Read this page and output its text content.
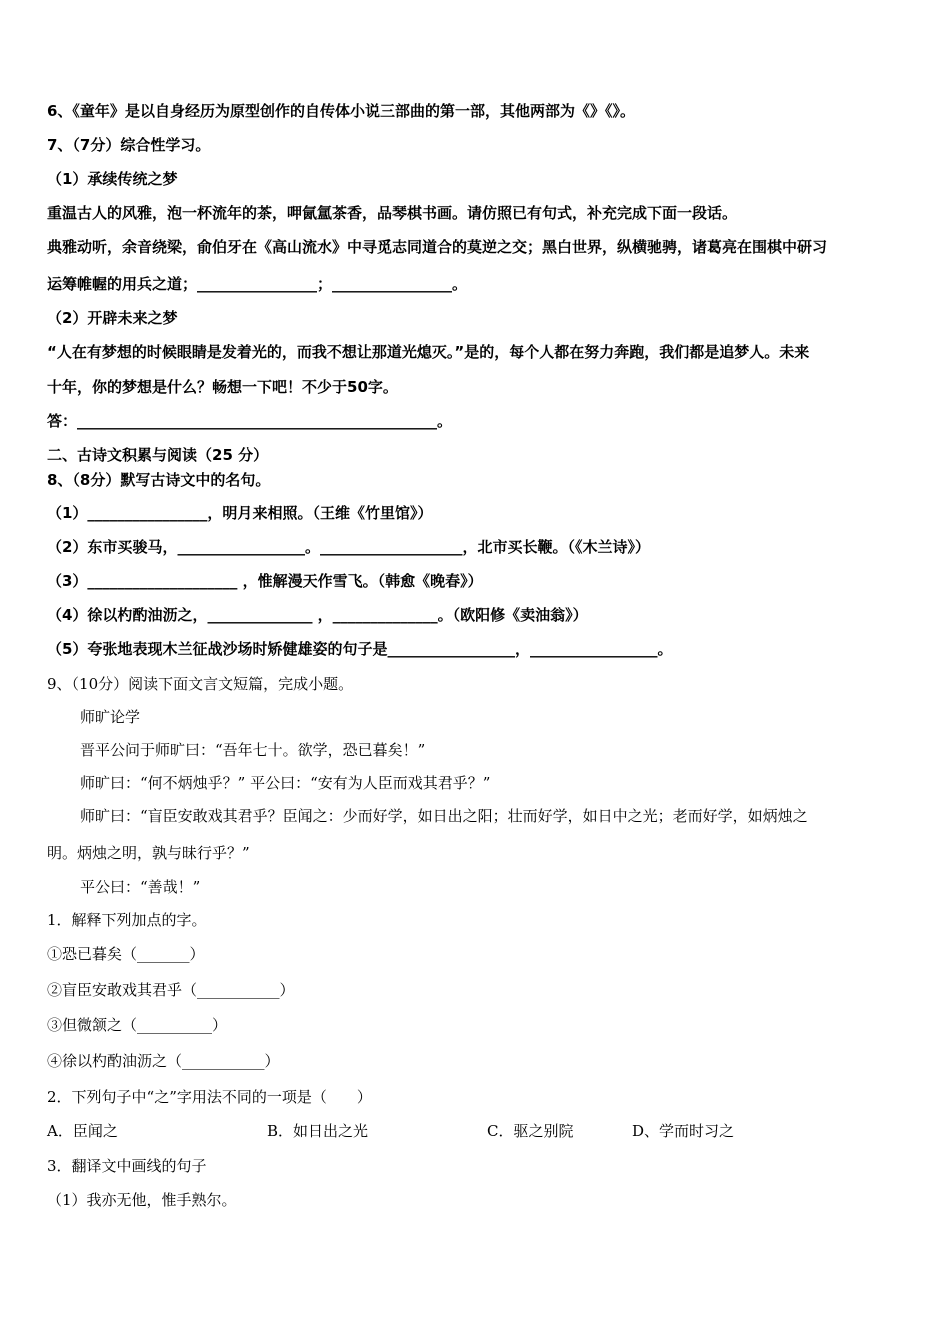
6、《童年》是以自身经历为原型创作的自传体小说三部曲的第一部，其他两部为《》《》。
7、（7分）综合性学习。
（1）承续传统之梦
重温古人的风雅，泡一杯流年的茶，呷氤氲茶香，品琴棋书画。请仿照已有句式，补充完成下面一段话。
典雅动听，余音绕梁，俞伯牙在《高山流水》中寻觅志同道合的莫逆之交；黑白世界，纵横驰骋，诸葛亮在围棋中研习
运筹帷幄的用兵之道；________________；________________。
（2）开辟未来之梦
“人在有梦想的时候眼睛是发着光的，而我不想让那道光熄灭。”是的，每个人都在努力奔跑，我们都是追梦人。未来
十年，你的梦想是什么？畅想一下吧！不少于50字。
答：________________________________________________。
二、古诗文积累与阅读（25 分）
8、（8分）默写古诗文中的名句。
（1）________________，明月来相照。（王维《竹里馆》）
（2）东市买骏马，_________________。___________________，北市买长鞭。（《木兰诗》）
（3）____________________ ，惟解漫天作雪飞。（韩愈《晚春》）
（4）徐以杓酌油沥之，______________ ，______________。（欧阳修《卖油翁》）
（5）夸张地表现木兰征战沙场时矫健雄姿的句子是_________________，_________________。
9、（10分）阅读下面文言文短篇，完成小题。
师旷论学
晋平公问于师旷曰：“吾年七十。欲学，恐已暮矣！”
师旷曰：“何不炳烛乎？” 平公曰：“安有为人臣而戏其君乎？”
师旷曰：“盲臣安敢戏其君乎？臣闻之：少而好学，如日出之阳；壮而好学，如日中之光；老而好学，如炳烛之
明。炳烛之明，孰与昧行乎？”
平公曰：“善哉！”
1．解释下列加点的字。
①恐已暮矣（_______）
②盲臣安敢戏其君乎（___________）
③但微颔之（__________）
④徐以杓酌油沥之（___________）
2．下列句子中“之”字用法不同的一项是（　　）
A．臣闻之	B．如日出之光	C．驱之别院	D、学而时习之
3．翻译文中画线的句子
（1）我亦无他，惟手熟尔。
